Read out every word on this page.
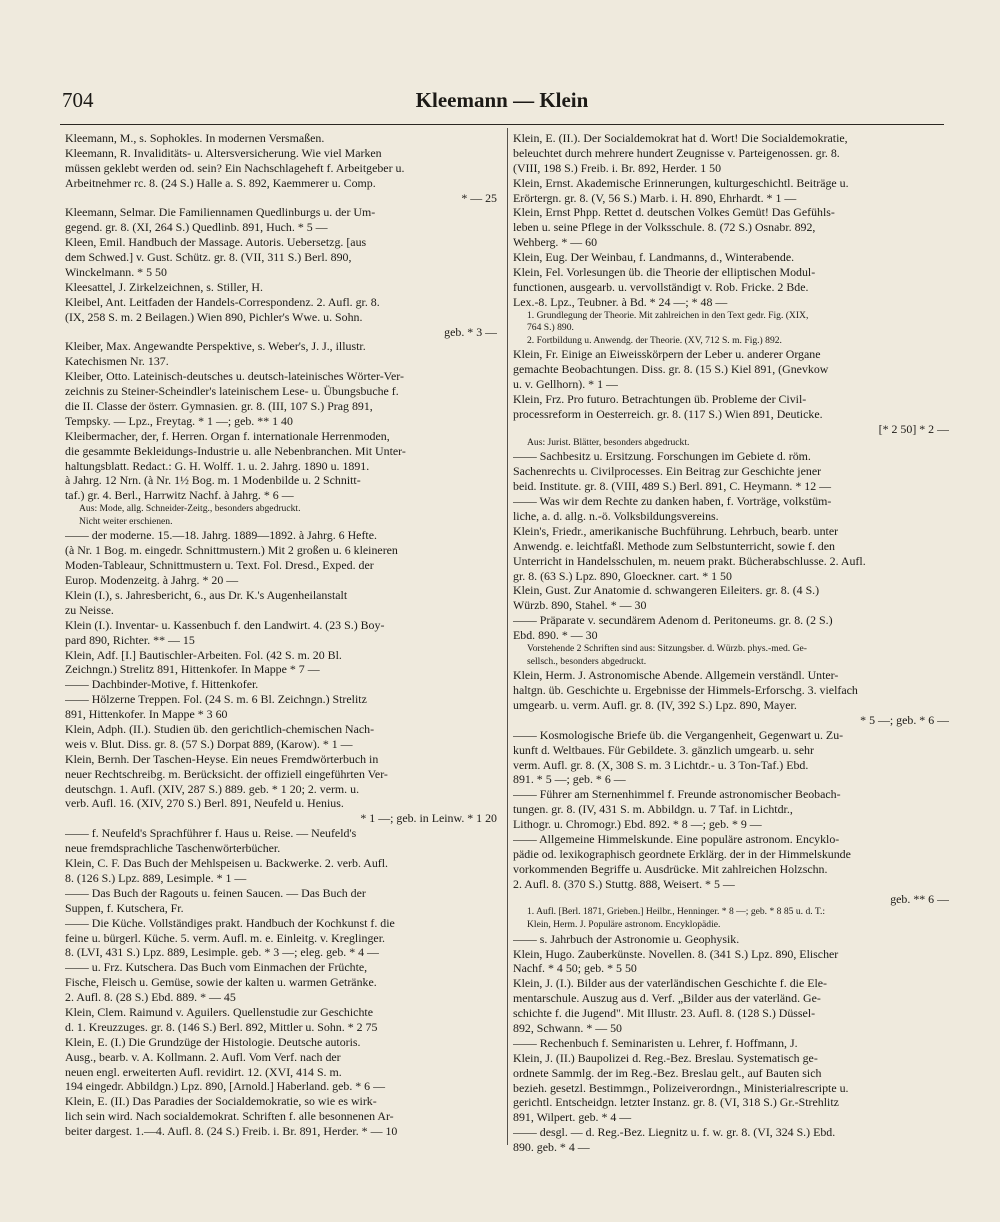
704	Kleemann — Klein
Kleemann, M., s. Sophokles. In modernen Versmaßen.
Kleemann, R. Invaliditäts- u. Altersversicherung. Wie viel Marken
müssen geklebt werden od. sein? Ein Nachschlageheft f. Arbeitgeber u.
Arbeitnehmer rc. 8. (24 S.) Halle a. S. 892, Kaemmerer u. Comp.
* — 25
Kleemann, Selmar. Die Familiennamen Quedlinburgs u. der Um-
gegend. gr. 8. (XI, 264 S.) Quedlinb. 891, Huch. * 5 —
Kleen, Emil. Handbuch der Massage. Autoris. Uebersetzg. [aus
dem Schwed.] v. Gust. Schütz. gr. 8. (VII, 311 S.) Berl. 890,
Winckelmann. * 5 50
Kleesattel, J. Zirkelzeichnen, s. Stiller, H.
Kleibel, Ant. Leitfaden der Handels-Correspondenz. 2. Aufl. gr. 8.
(IX, 258 S. m. 2 Beilagen.) Wien 890, Pichler's Wwe. u. Sohn.
geb. * 3 —
Kleiber, Max. Angewandte Perspektive, s. Weber's, J. J., illustr.
Katechismen Nr. 137.
Kleiber, Otto. Lateinisch-deutsches u. deutsch-lateinisches Wörter-Ver-
zeichnis zu Steiner-Scheindler's lateinischem Lese- u. Übungsbuche f.
die II. Classe der österr. Gymnasien. gr. 8. (III, 107 S.) Prag 891,
Tempsky. — Lpz., Freytag. * 1 —; geb. ** 1 40
Kleibermacher, der, f. Herren. Organ f. internationale Herrenmoden,
die gesammte Bekleidungs-Industrie u. alle Nebenbranchen. Mit Unter-
haltungsblatt. Redact.: G. H. Wolff. 1. u. 2. Jahrg. 1890 u. 1891.
à Jahrg. 12 Nrn. (à Nr. 1½ Bog. m. 1 Modenbilde u. 2 Schnitt-
taf.) gr. 4. Berl., Harrwitz Nachf. à Jahrg. * 6 —
Aus: Mode, allg. Schneider-Zeitg., besonders abgedruckt.
Nicht weiter erschienen.
—— der moderne. 15.—18. Jahrg. 1889—1892. à Jahrg. 6 Hefte.
(à Nr. 1 Bog. m. eingedr. Schnittmustern.) Mit 2 großen u. 6 kleineren
Moden-Tableaur, Schnittmustern u. Text. Fol. Dresd., Exped. der
Europ. Modenzeitg. à Jahrg. * 20 —
Klein (I.), s. Jahresbericht, 6., aus Dr. K.'s Augenheilanstalt
zu Neisse.
Klein (I.). Inventar- u. Kassenbuch f. den Landwirt. 4. (23 S.) Boy-
pard 890, Richter. ** — 15
Klein, Adf. [I.] Bautischler-Arbeiten. Fol. (42 S. m. 20 Bl.
Zeichngn.) Strelitz 891, Hittenkofer. In Mappe * 7 —
—— Dachbinder-Motive, f. Hittenkofer.
—— Hölzerne Treppen. Fol. (24 S. m. 6 Bl. Zeichngn.) Strelitz
891, Hittenkofer. In Mappe * 3 60
Klein, Adph. (II.). Studien üb. den gerichtlich-chemischen Nach-
weis v. Blut. Diss. gr. 8. (57 S.) Dorpat 889, (Karow). * 1 —
Klein, Bernh. Der Taschen-Heyse. Ein neues Fremdwörterbuch in
neuer Rechtschreibg. m. Berücksicht. der offiziell eingeführten Ver-
deutschgn. 1. Aufl. (XIV, 287 S.) 889. geb. * 1 20; 2. verm. u.
verb. Aufl. 16. (XIV, 270 S.) Berl. 891, Neufeld u. Henius.
* 1 —; geb. in Leinw. * 1 20
—— f. Neufeld's Sprachführer f. Haus u. Reise. — Neufeld's
neue fremdsprachliche Taschenwörterbücher.
Klein, C. F. Das Buch der Mehlspeisen u. Backwerke. 2. verb. Aufl.
8. (126 S.) Lpz. 889, Lesimple. * 1 —
—— Das Buch der Ragouts u. feinen Saucen. — Das Buch der
Suppen, f. Kutschera, Fr.
—— Die Küche. Vollständiges prakt. Handbuch der Kochkunst f. die
feine u. bürgerl. Küche. 5. verm. Aufl. m. e. Einleitg. v. Kreglinger.
8. (LVI, 431 S.) Lpz. 889, Lesimple. geb. * 3 —; eleg. geb. * 4 —
—— u. Frz. Kutschera. Das Buch vom Einmachen der Früchte,
Fische, Fleisch u. Gemüse, sowie der kalten u. warmen Getränke.
2. Aufl. 8. (28 S.) Ebd. 889. * — 45
Klein, Clem. Raimund v. Aguilers. Quellenstudie zur Geschichte
d. 1. Kreuzzuges. gr. 8. (146 S.) Berl. 892, Mittler u. Sohn. * 2 75
Klein, E. (I.) Die Grundzüge der Histologie. Deutsche autoris.
Ausg., bearb. v. A. Kollmann. 2. Aufl. Vom Verf. nach der
neuen engl. erweiterten Aufl. revidirt. 12. (XVI, 414 S. m.
194 eingedr. Abbildgn.) Lpz. 890, [Arnold.] Haberland. geb. * 6 —
Klein, E. (II.) Das Paradies der Socialdemokratie, so wie es wirk-
lich sein wird. Nach socialdemokrat. Schriften f. alle besonnenen Ar-
beiter dargest. 1.—4. Aufl. 8. (24 S.) Freib. i. Br. 891, Herder. * — 10
Klein, E. (II.). Der Socialdemokrat hat d. Wort! Die Socialdemokratie,
beleuchtet durch mehrere hundert Zeugnisse v. Parteigenossen. gr. 8.
(VIII, 198 S.) Freib. i. Br. 892, Herder. 1 50
Klein, Ernst. Akademische Erinnerungen, kulturgeschichtl. Beiträge u.
Erörtergn. gr. 8. (V, 56 S.) Marb. i. H. 890, Ehrhardt. * 1 —
Klein, Ernst Phpp. Rettet d. deutschen Volkes Gemüt! Das Gefühls-
leben u. seine Pflege in der Volksschule. 8. (72 S.) Osnabr. 892,
Wehberg. * — 60
Klein, Eug. Der Weinbau, f. Landmanns, d., Winterabende.
Klein, Fel. Vorlesungen üb. die Theorie der elliptischen Modul-
functionen, ausgearb. u. vervollständigt v. Rob. Fricke. 2 Bde.
Lex.-8. Lpz., Teubner. à Bd. * 24 —; * 48 —
1. Grundlegung der Theorie. Mit zahlreichen in den Text gedr. Fig. (XIX,
764 S.) 890.
2. Fortbildung u. Anwendg. der Theorie. (XV, 712 S. m. Fig.) 892.
Klein, Fr. Einige an Eiweisskörpern der Leber u. anderer Organe
gemachte Beobachtungen. Diss. gr. 8. (15 S.) Kiel 891, (Gnevkow
u. v. Gellhorn). * 1 —
Klein, Frz. Pro futuro. Betrachtungen üb. Probleme der Civil-
processreform in Oesterreich. gr. 8. (117 S.) Wien 891, Deuticke.
[* 2 50] * 2 —
Aus: Jurist. Blätter, besonders abgedruckt.
—— Sachbesitz u. Ersitzung. Forschungen im Gebiete d. röm.
Sachenrechts u. Civilprocesses. Ein Beitrag zur Geschichte jener
beid. Institute. gr. 8. (VIII, 489 S.) Berl. 891, C. Heymann. * 12 —
—— Was wir dem Rechte zu danken haben, f. Vorträge, volkstüm-
liche, a. d. allg. n.-ö. Volksbildungsvereins.
Klein's, Friedr., amerikanische Buchführung. Lehrbuch, bearb. unter
Anwendg. e. leichtfaßl. Methode zum Selbstunterricht, sowie f. den
Unterricht in Handelsschulen, m. neuem prakt. Bücherabschlusse. 2. Aufl.
gr. 8. (63 S.) Lpz. 890, Gloeckner. cart. * 1 50
Klein, Gust. Zur Anatomie d. schwangeren Eileiters. gr. 8. (4 S.)
Würzb. 890, Stahel. * — 30
—— Präparate v. secundärem Adenom d. Peritoneums. gr. 8. (2 S.)
Ebd. 890. * — 30
Vorstehende 2 Schriften sind aus: Sitzungsber. d. Würzb. phys.-med. Ge-
sellsch., besonders abgedruckt.
Klein, Herm. J. Astronomische Abende. Allgemein verständl. Unter-
haltgn. üb. Geschichte u. Ergebnisse der Himmels-Erforschg. 3. vielfach
umgearb. u. verm. Aufl. gr. 8. (IV, 392 S.) Lpz. 890, Mayer.
* 5 —; geb. * 6 —
—— Kosmologische Briefe üb. die Vergangenheit, Gegenwart u. Zu-
kunft d. Weltbaues. Für Gebildete. 3. gänzlich umgearb. u. sehr
verm. Aufl. gr. 8. (X, 308 S. m. 3 Lichtdr.- u. 3 Ton-Taf.) Ebd.
891. * 5 —; geb. * 6 —
—— Führer am Sternenhimmel f. Freunde astronomischer Beobach-
tungen. gr. 8. (IV, 431 S. m. Abbildgn. u. 7 Taf. in Lichtdr.,
Lithogr. u. Chromogr.) Ebd. 892. * 8 —; geb. * 9 —
—— Allgemeine Himmelskunde. Eine populäre astronom. Encyklo-
pädie od. lexikographisch geordnete Erklärg. der in der Himmelskunde
vorkommenden Begriffe u. Ausdrücke. Mit zahlreichen Holzschn.
2. Aufl. 8. (370 S.) Stuttg. 888, Weisert. * 5 —
geb. ** 6 —
1. Aufl. [Berl. 1871, Grieben.] Heilbr., Henninger. * 8 —; geb. * 8 85 u. d. T.:
Klein, Herm. J. Populäre astronom. Encyklopädie.
—— s. Jahrbuch der Astronomie u. Geophysik.
Klein, Hugo. Zauberkünste. Novellen. 8. (341 S.) Lpz. 890, Elischer
Nachf. * 4 50; geb. * 5 50
Klein, J. (I.). Bilder aus der vaterländischen Geschichte f. die Ele-
mentarschule. Auszug aus d. Verf. „Bilder aus der vaterländ. Ge-
schichte f. die Jugend". Mit Illustr. 23. Aufl. 8. (128 S.) Düssel-
892, Schwann. * — 50
—— Rechenbuch f. Seminaristen u. Lehrer, f. Hoffmann, J.
Klein, J. (II.) Baupolizei d. Reg.-Bez. Breslau. Systematisch ge-
ordnete Sammlg. der im Reg.-Bez. Breslau gelt., auf Bauten sich
bezieh. gesetzl. Bestimmgn., Polizeiverordngn., Ministerialrescripte u.
gerichtl. Entscheidgn. letzter Instanz. gr. 8. (VI, 318 S.) Gr.-Strehlitz
891, Wilpert. geb. * 4 —
—— desgl. — d. Reg.-Bez. Liegnitz u. f. w. gr. 8. (VI, 324 S.) Ebd.
890. geb. * 4 —
